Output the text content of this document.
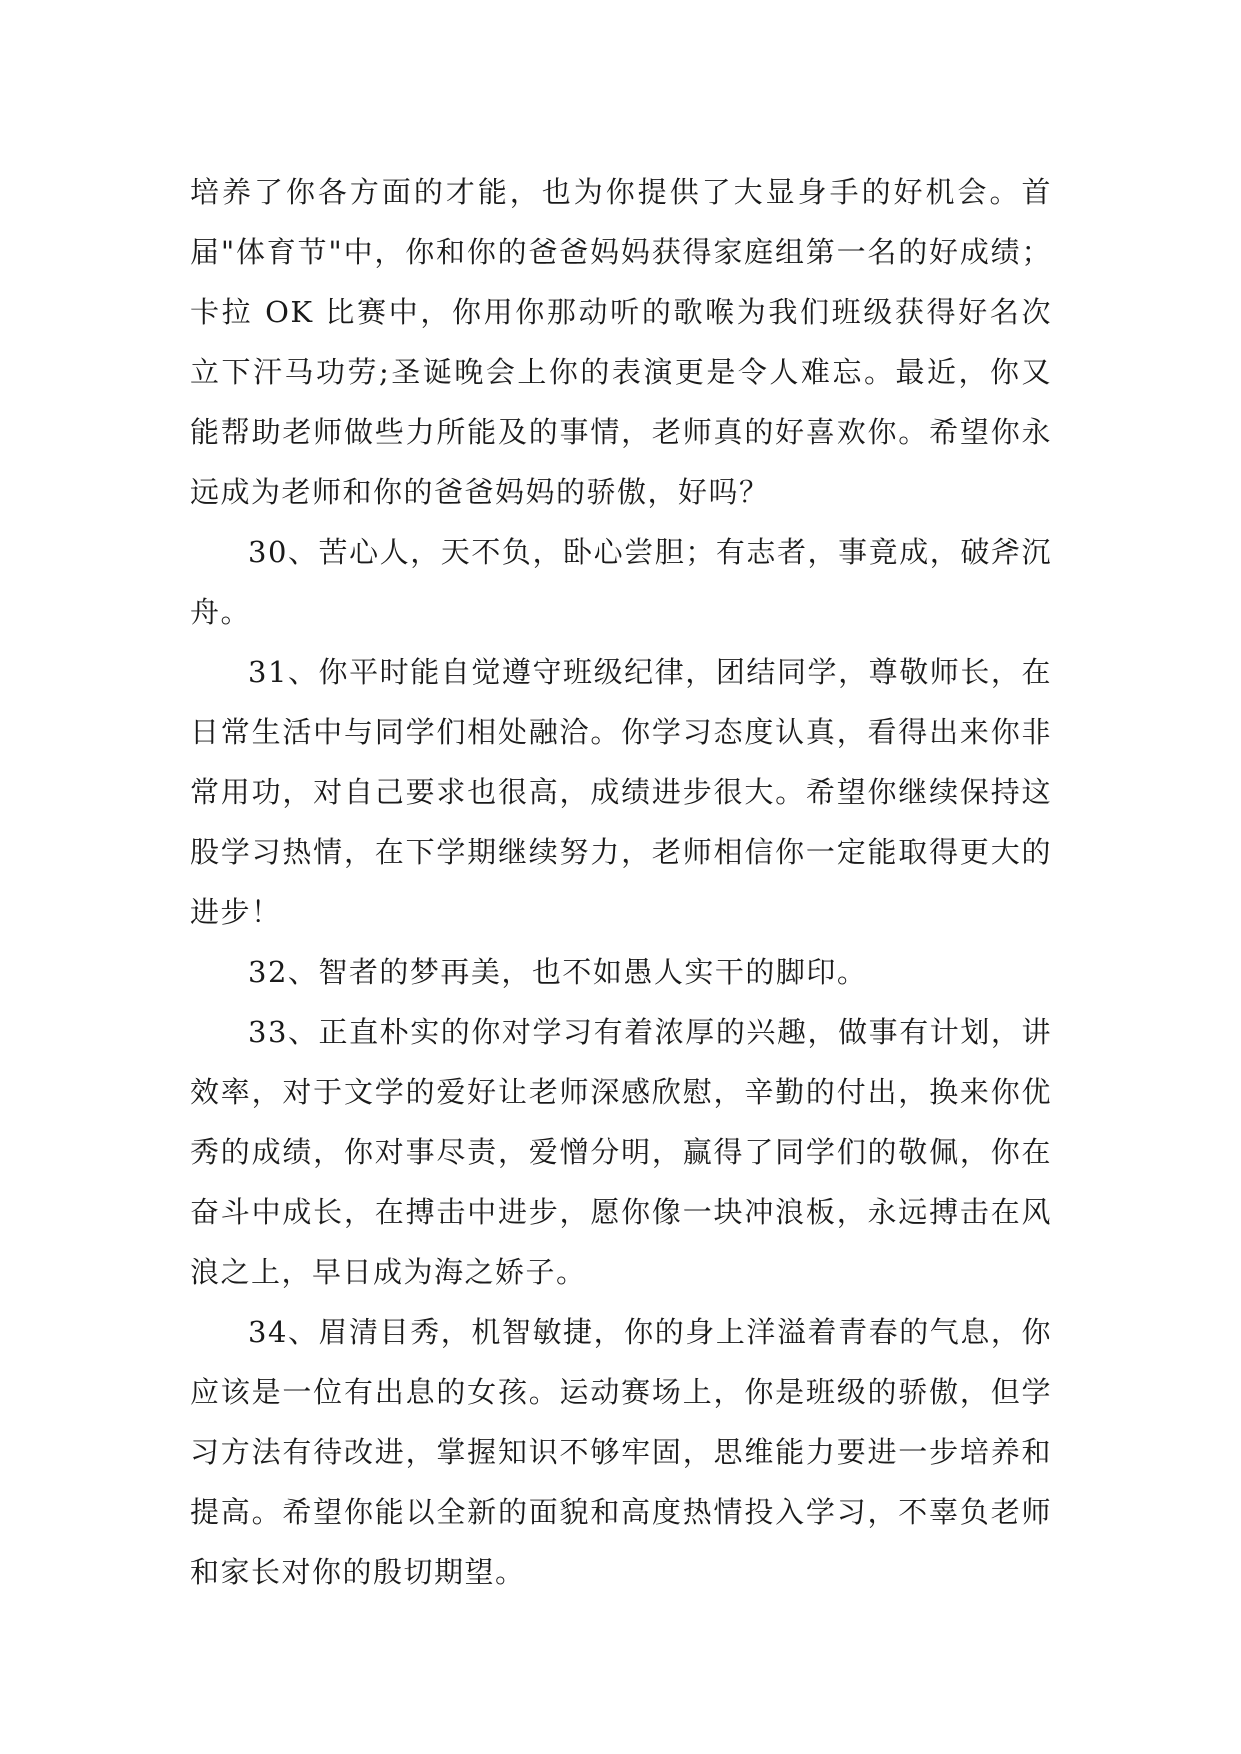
培养了你各方面的才能，也为你提供了大显身手的好机会。首届"体育节"中，你和你的爸爸妈妈获得家庭组第一名的好成绩；卡拉 OK 比赛中，你用你那动听的歌喉为我们班级获得好名次立下汗马功劳;圣诞晚会上你的表演更是令人难忘。最近，你又能帮助老师做些力所能及的事情，老师真的好喜欢你。希望你永远成为老师和你的爸爸妈妈的骄傲，好吗？

30、苦心人，天不负，卧心尝胆；有志者，事竟成，破斧沉舟。

31、你平时能自觉遵守班级纪律，团结同学，尊敬师长，在日常生活中与同学们相处融洽。你学习态度认真，看得出来你非常用功，对自己要求也很高，成绩进步很大。希望你继续保持这股学习热情，在下学期继续努力，老师相信你一定能取得更大的进步！

32、智者的梦再美，也不如愚人实干的脚印。

33、正直朴实的你对学习有着浓厚的兴趣，做事有计划，讲效率，对于文学的爱好让老师深感欣慰，辛勤的付出，换来你优秀的成绩，你对事尽责，爱憎分明，赢得了同学们的敬佩，你在奋斗中成长，在搏击中进步，愿你像一块冲浪板，永远搏击在风浪之上，早日成为海之娇子。

34、眉清目秀，机智敏捷，你的身上洋溢着青春的气息，你应该是一位有出息的女孩。运动赛场上，你是班级的骄傲，但学习方法有待改进，掌握知识不够牢固，思维能力要进一步培养和提高。希望你能以全新的面貌和高度热情投入学习，不辜负老师和家长对你的殷切期望。
